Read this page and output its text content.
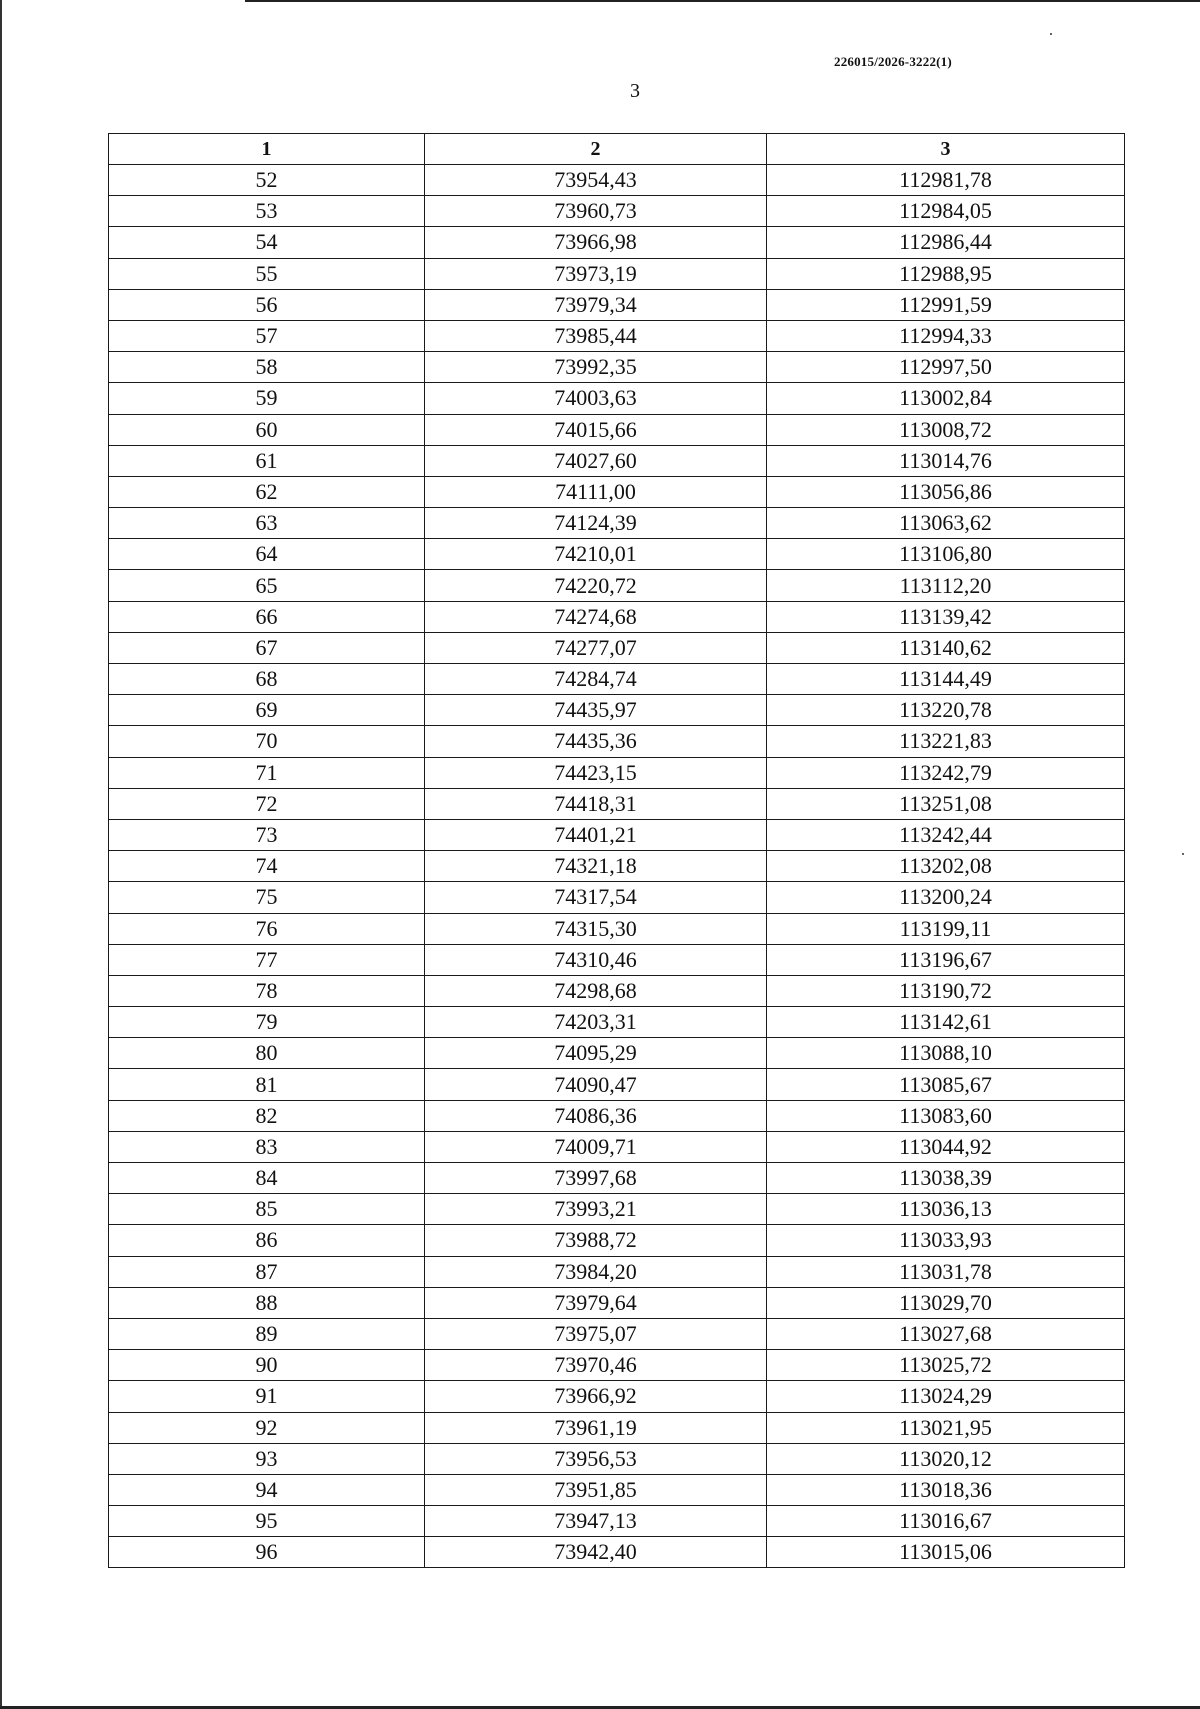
226015/2026-3222(1)
3
1	2	3
52	73954,43	112981,78
53	73960,73	112984,05
54	73966,98	112986,44
55	73973,19	112988,95
56	73979,34	112991,59
57	73985,44	112994,33
58	73992,35	112997,50
59	74003,63	113002,84
60	74015,66	113008,72
61	74027,60	113014,76
62	74111,00	113056,86
63	74124,39	113063,62
64	74210,01	113106,80
65	74220,72	113112,20
66	74274,68	113139,42
67	74277,07	113140,62
68	74284,74	113144,49
69	74435,97	113220,78
70	74435,36	113221,83
71	74423,15	113242,79
72	74418,31	113251,08
73	74401,21	113242,44
74	74321,18	113202,08
75	74317,54	113200,24
76	74315,30	113199,11
77	74310,46	113196,67
78	74298,68	113190,72
79	74203,31	113142,61
80	74095,29	113088,10
81	74090,47	113085,67
82	74086,36	113083,60
83	74009,71	113044,92
84	73997,68	113038,39
85	73993,21	113036,13
86	73988,72	113033,93
87	73984,20	113031,78
88	73979,64	113029,70
89	73975,07	113027,68
90	73970,46	113025,72
91	73966,92	113024,29
92	73961,19	113021,95
93	73956,53	113020,12
94	73951,85	113018,36
95	73947,13	113016,67
96	73942,40	113015,06
